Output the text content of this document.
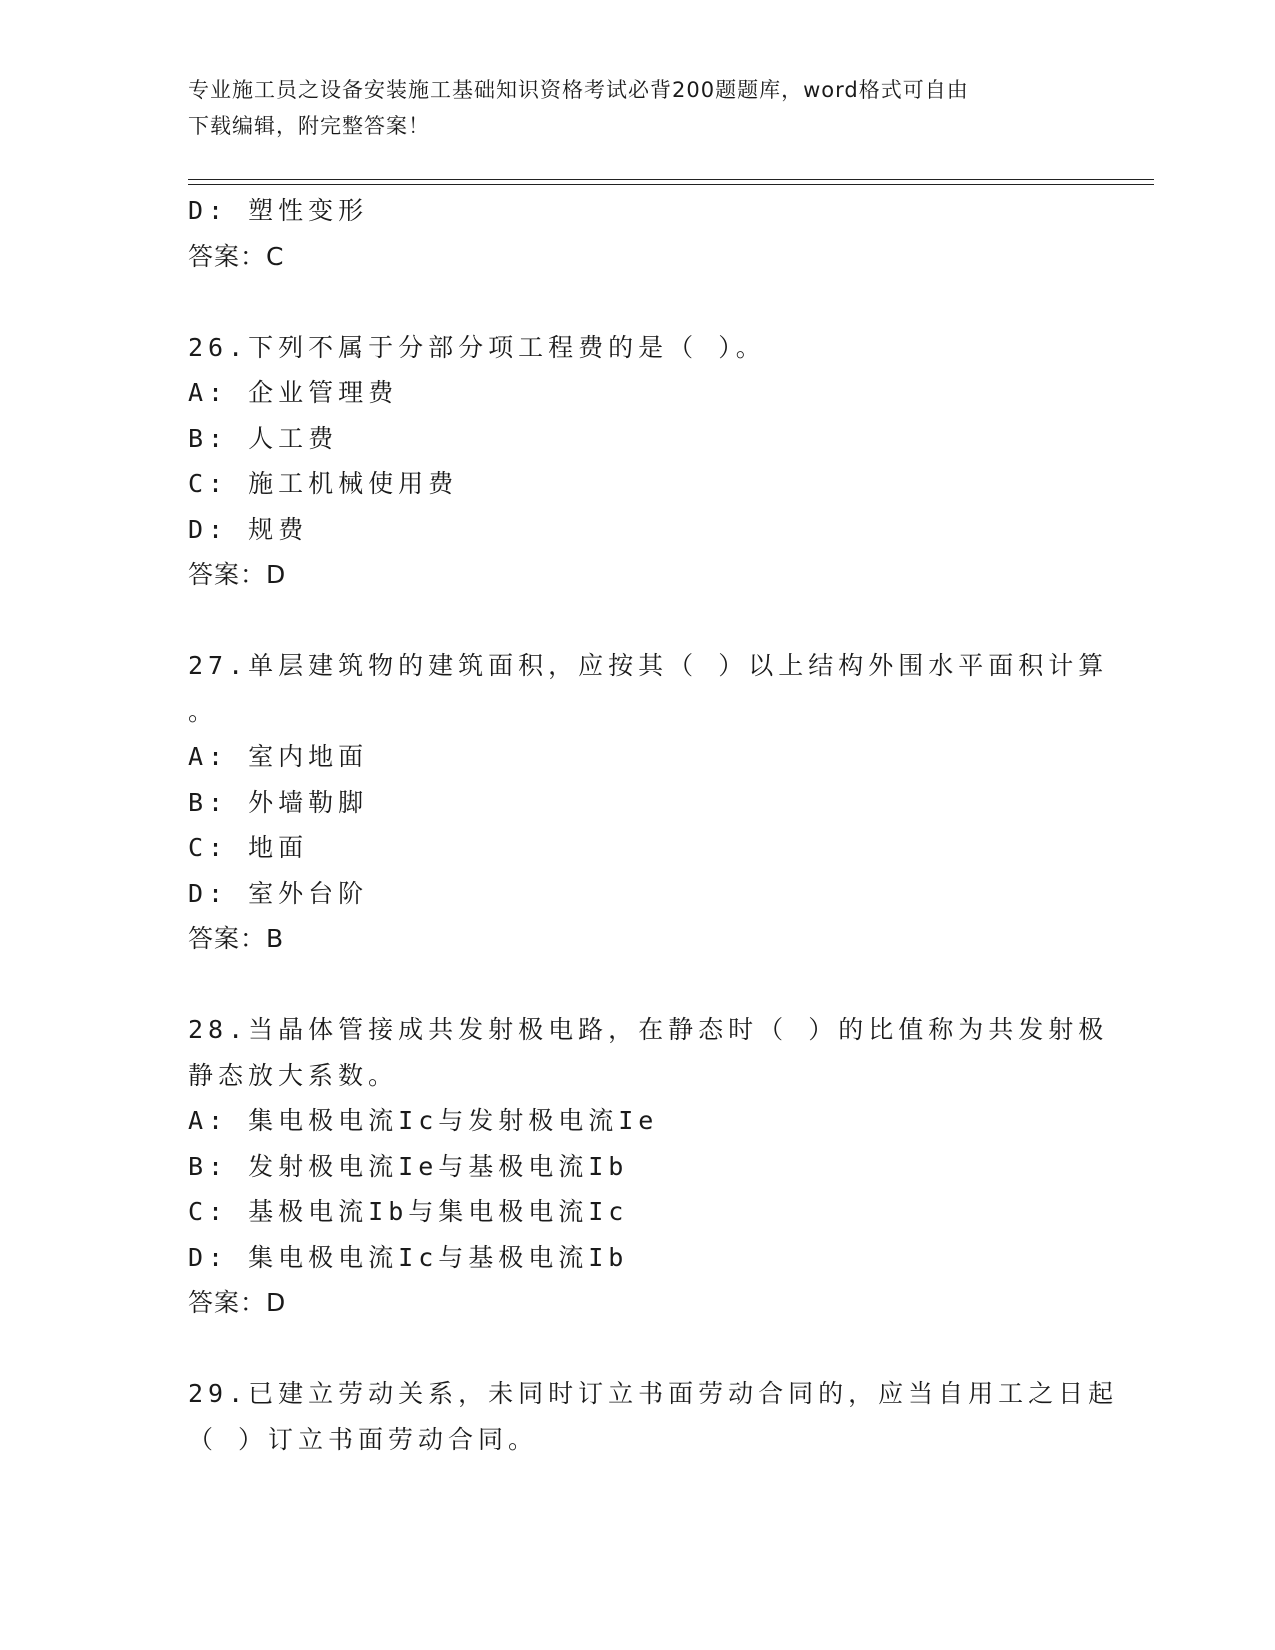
专业施工员之设备安装施工基础知识资格考试必背200题题库，word格式可自由
下载编辑，附完整答案！
D: 塑性变形
答案：C
26.下列不属于分部分项工程费的是（ ）。
A: 企业管理费
B: 人工费
C: 施工机械使用费
D: 规费
答案：D
27.单层建筑物的建筑面积，应按其（ ）以上结构外围水平面积计算
。
A: 室内地面
B: 外墙勒脚
C: 地面
D: 室外台阶
答案：B
28.当晶体管接成共发射极电路，在静态时（ ）的比值称为共发射极
静态放大系数。
A: 集电极电流Ic与发射极电流Ie
B: 发射极电流Ie与基极电流Ib
C: 基极电流Ib与集电极电流Ic
D: 集电极电流Ic与基极电流Ib
答案：D
29.已建立劳动关系，未同时订立书面劳动合同的，应当自用工之日起
（ ）订立书面劳动合同。
